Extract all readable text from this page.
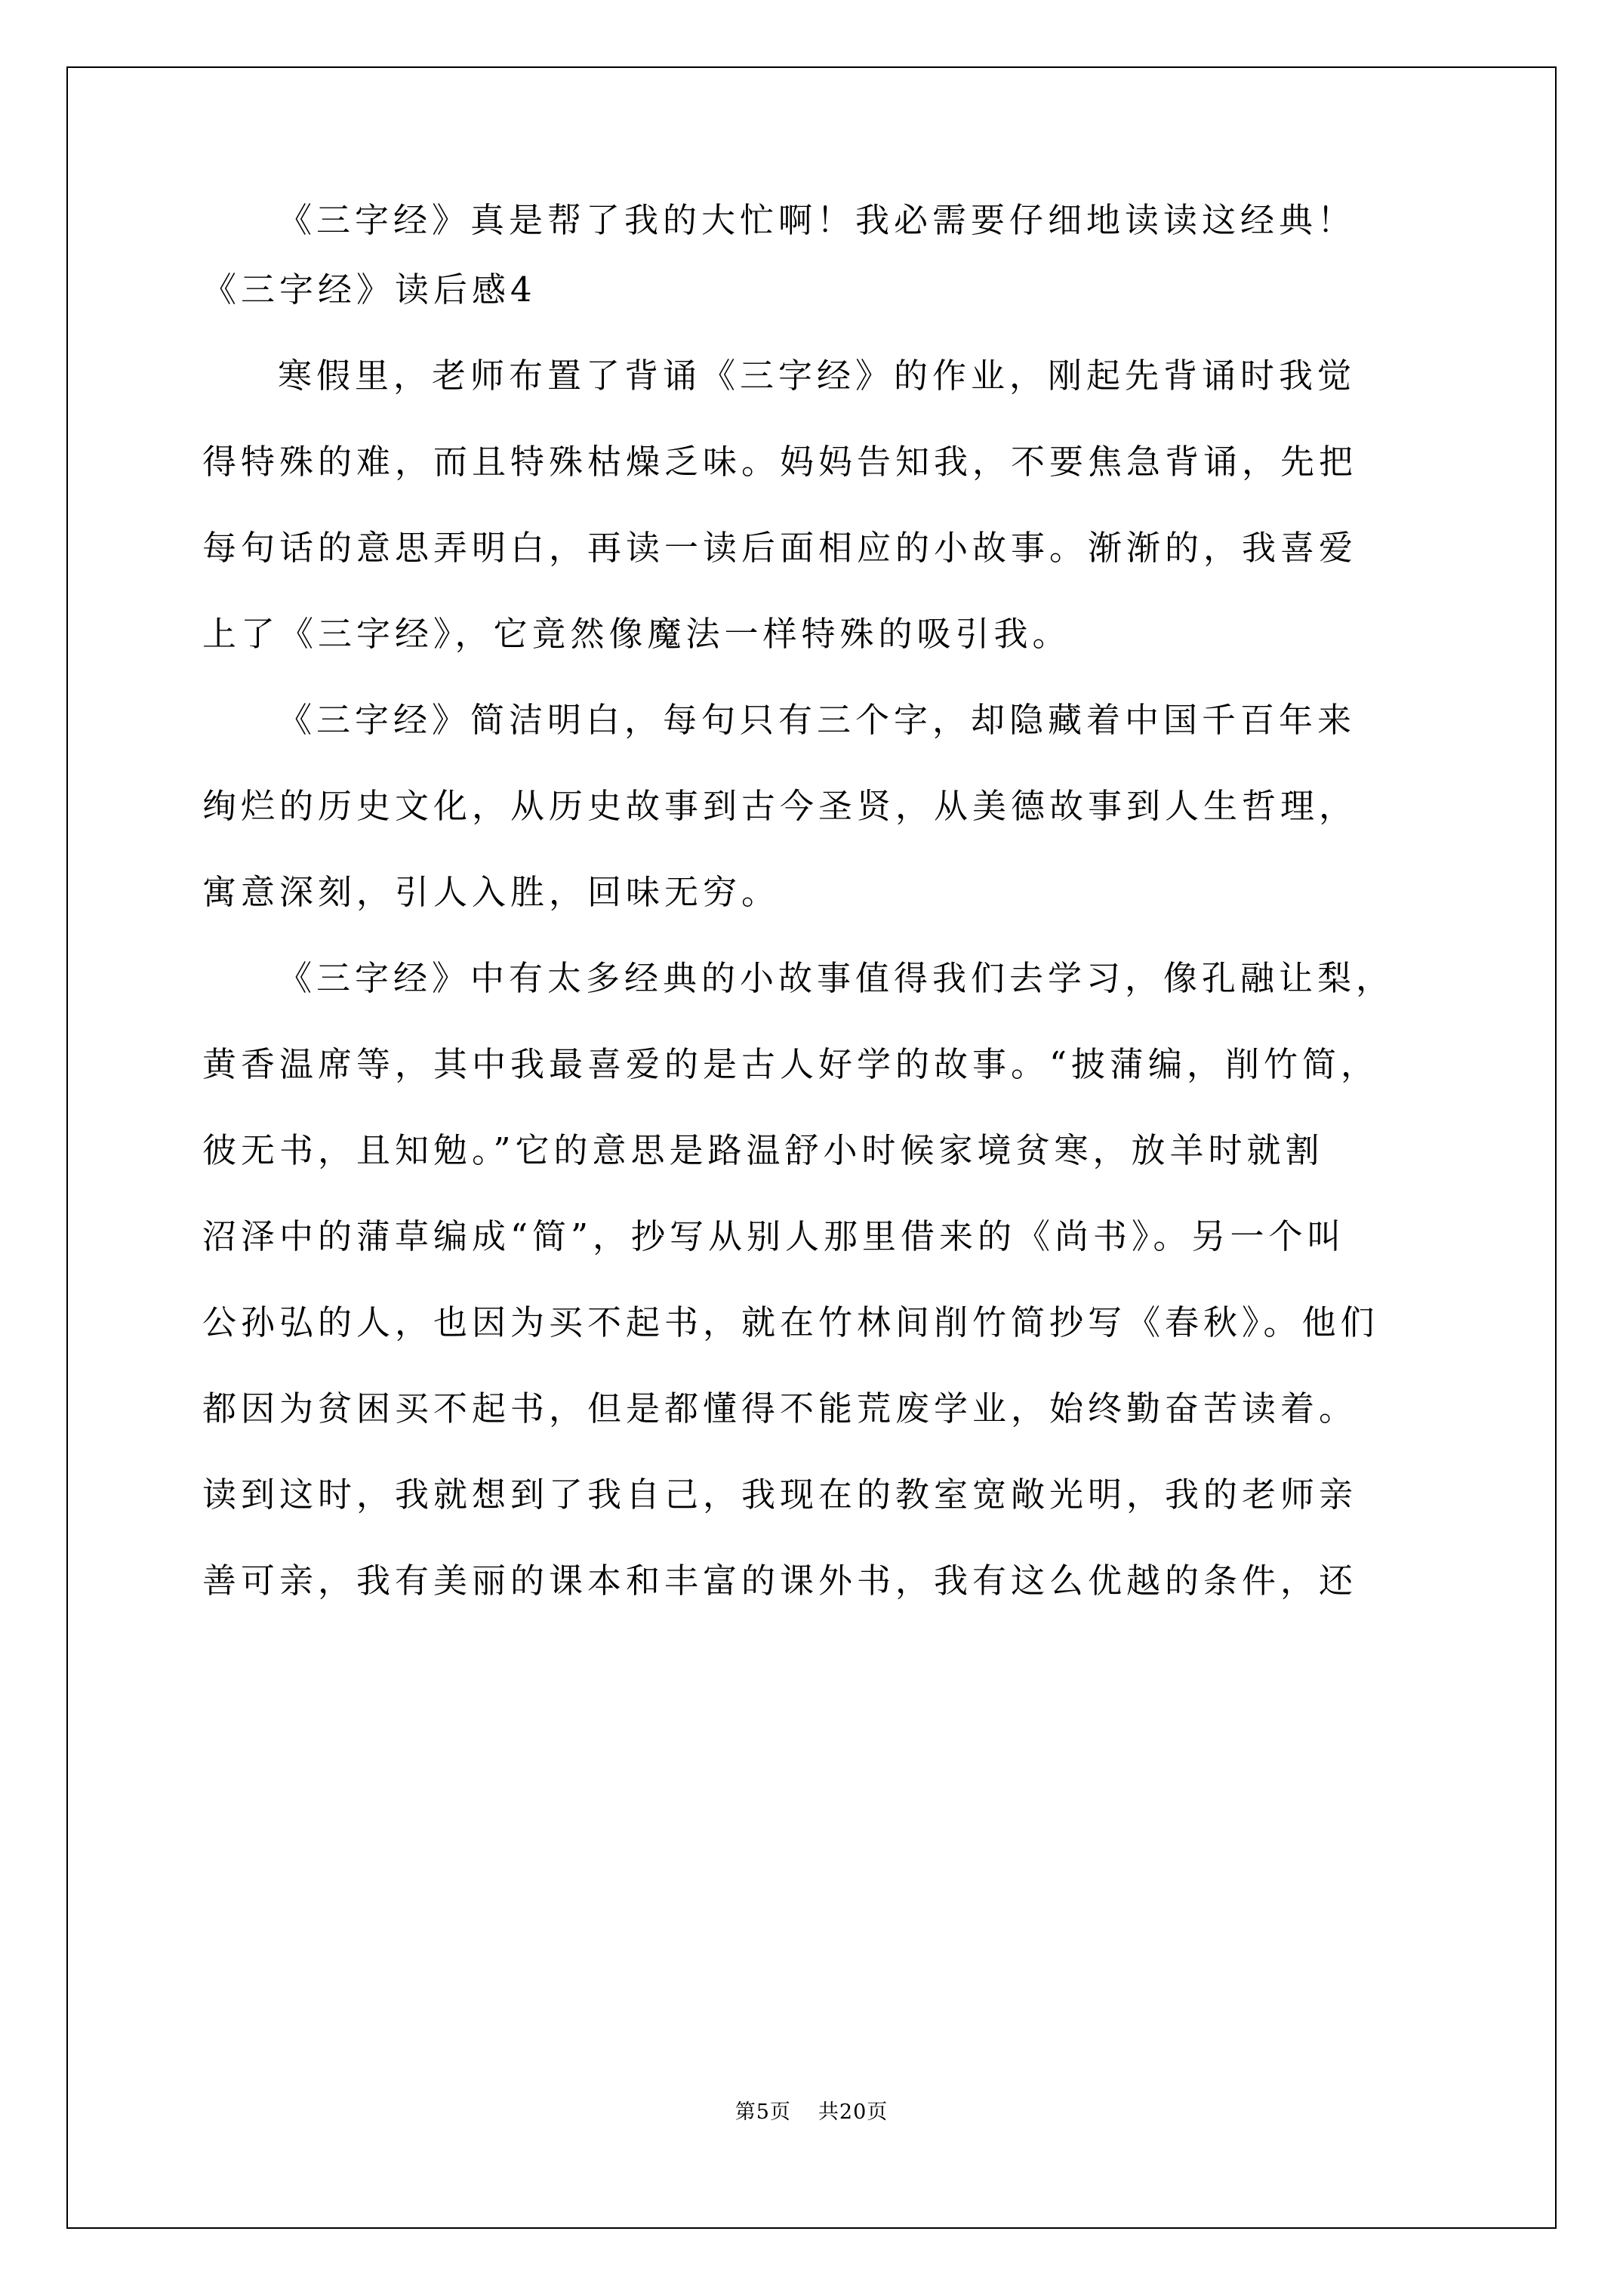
《三字经》真是帮了我的大忙啊！我必需要仔细地读读这经典！
《三字经》读后感4
寒假里，老师布置了背诵《三字经》的作业，刚起先背诵时我觉
得特殊的难，而且特殊枯燥乏味。妈妈告知我，不要焦急背诵，先把
每句话的意思弄明白，再读一读后面相应的小故事。渐渐的，我喜爱
上了《三字经》，它竟然像魔法一样特殊的吸引我。
《三字经》简洁明白，每句只有三个字，却隐藏着中国千百年来
绚烂的历史文化，从历史故事到古今圣贤，从美德故事到人生哲理，
寓意深刻，引人入胜，回味无穷。
《三字经》中有太多经典的小故事值得我们去学习，像孔融让梨，
黄香温席等，其中我最喜爱的是古人好学的故事。“披蒲编，削竹简，
彼无书，且知勉。”它的意思是路温舒小时候家境贫寒，放羊时就割
沼泽中的蒲草编成“简”，抄写从别人那里借来的《尚书》。另一个叫
公孙弘的人，也因为买不起书，就在竹林间削竹简抄写《春秋》。他们
都因为贫困买不起书，但是都懂得不能荒废学业，始终勤奋苦读着。
读到这时，我就想到了我自己，我现在的教室宽敞光明，我的老师亲
善可亲，我有美丽的课本和丰富的课外书，我有这么优越的条件，还
第5页 共20页
